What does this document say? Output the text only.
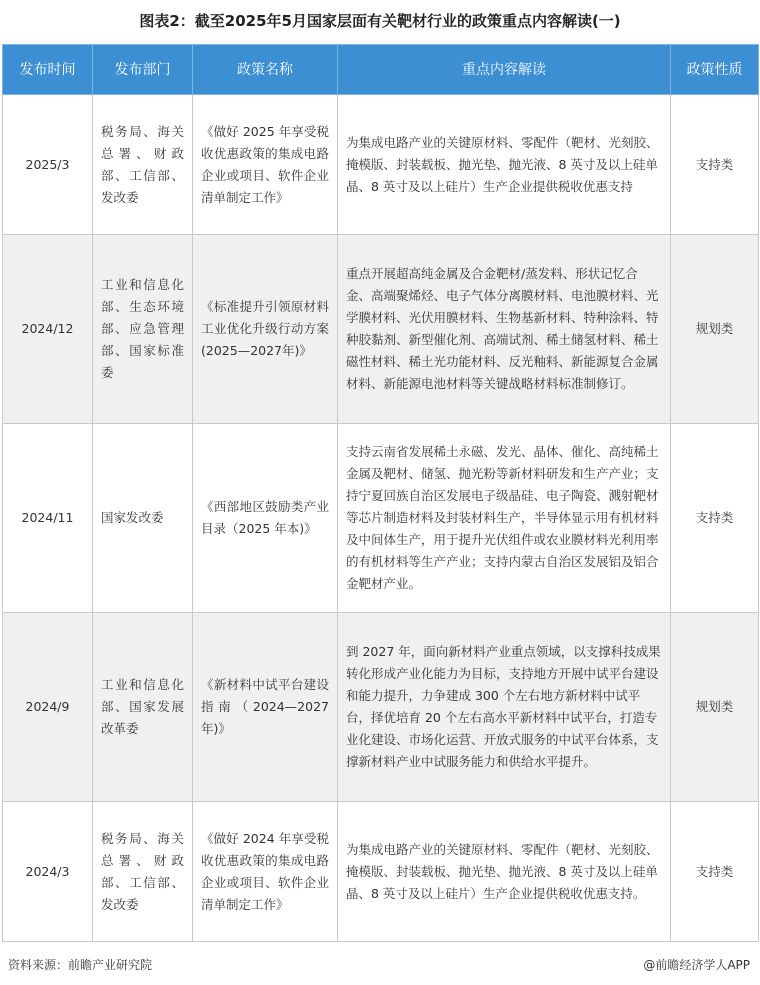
图表2：截至2025年5月国家层面有关靶材行业的政策重点内容解读(一)
发布时间	发布部门	政策名称	重点内容解读	政策性质
2025/3	税务局、海关总署、财政部、工信部、发改委	《做好 2025 年享受税收优惠政策的集成电路企业或项目、软件企业清单制定工作》	为集成电路产业的关键原材料、零配件（靶材、光刻胶、掩模版、封装载板、抛光垫、抛光液、8 英寸及以上硅单晶、8 英寸及以上硅片）生产企业提供税收优惠支持	支持类
2024/12	工业和信息化部、生态环境部、应急管理部、国家标准委	《标准提升引领原材料工业优化升级行动方案(2025—2027年)》	重点开展超高纯金属及合金靶材/蒸发料、形状记忆合金、高端聚烯烃、电子气体分离膜材料、电池膜材料、光学膜材料、光伏用膜材料、生物基新材料、特种涂料、特种胶黏剂、新型催化剂、高端试剂、稀土储氢材料、稀土磁性材料、稀土光功能材料、反光釉料、新能源复合金属材料、新能源电池材料等关键战略材料标准制修订。	规划类
2024/11	国家发改委	《西部地区鼓励类产业目录（2025 年本)》	支持云南省发展稀土永磁、发光、晶体、催化、高纯稀土金属及靶材、储氢、抛光粉等新材料研发和生产产业；支持宁夏回族自治区发展电子级晶硅、电子陶瓷、溅射靶材等芯片制造材料及封装材料生产，半导体显示用有机材料及中间体生产，用于提升光伏组件或农业膜材料光利用率的有机材料等生产产业；支持内蒙古自治区发展铝及铝合金靶材产业。	支持类
2024/9	工业和信息化部、国家发展改革委	《新材料中试平台建设指南（2024—2027 年)》	到 2027 年，面向新材料产业重点领域，以支撑科技成果转化形成产业化能力为目标，支持地方开展中试平台建设和能力提升，力争建成 300 个左右地方新材料中试平台，择优培育 20 个左右高水平新材料中试平台，打造专业化建设、市场化运营、开放式服务的中试平台体系，支撑新材料产业中试服务能力和供给水平提升。	规划类
2024/3	税务局、海关总署、财政部、工信部、发改委	《做好 2024 年享受税收优惠政策的集成电路企业或项目、软件企业清单制定工作》	为集成电路产业的关键原材料、零配件（靶材、光刻胶、掩模版、封装载板、抛光垫、抛光液、8 英寸及以上硅单晶、8 英寸及以上硅片）生产企业提供税收优惠支持。	支持类
资料来源：前瞻产业研究院	@前瞻经济学人APP
